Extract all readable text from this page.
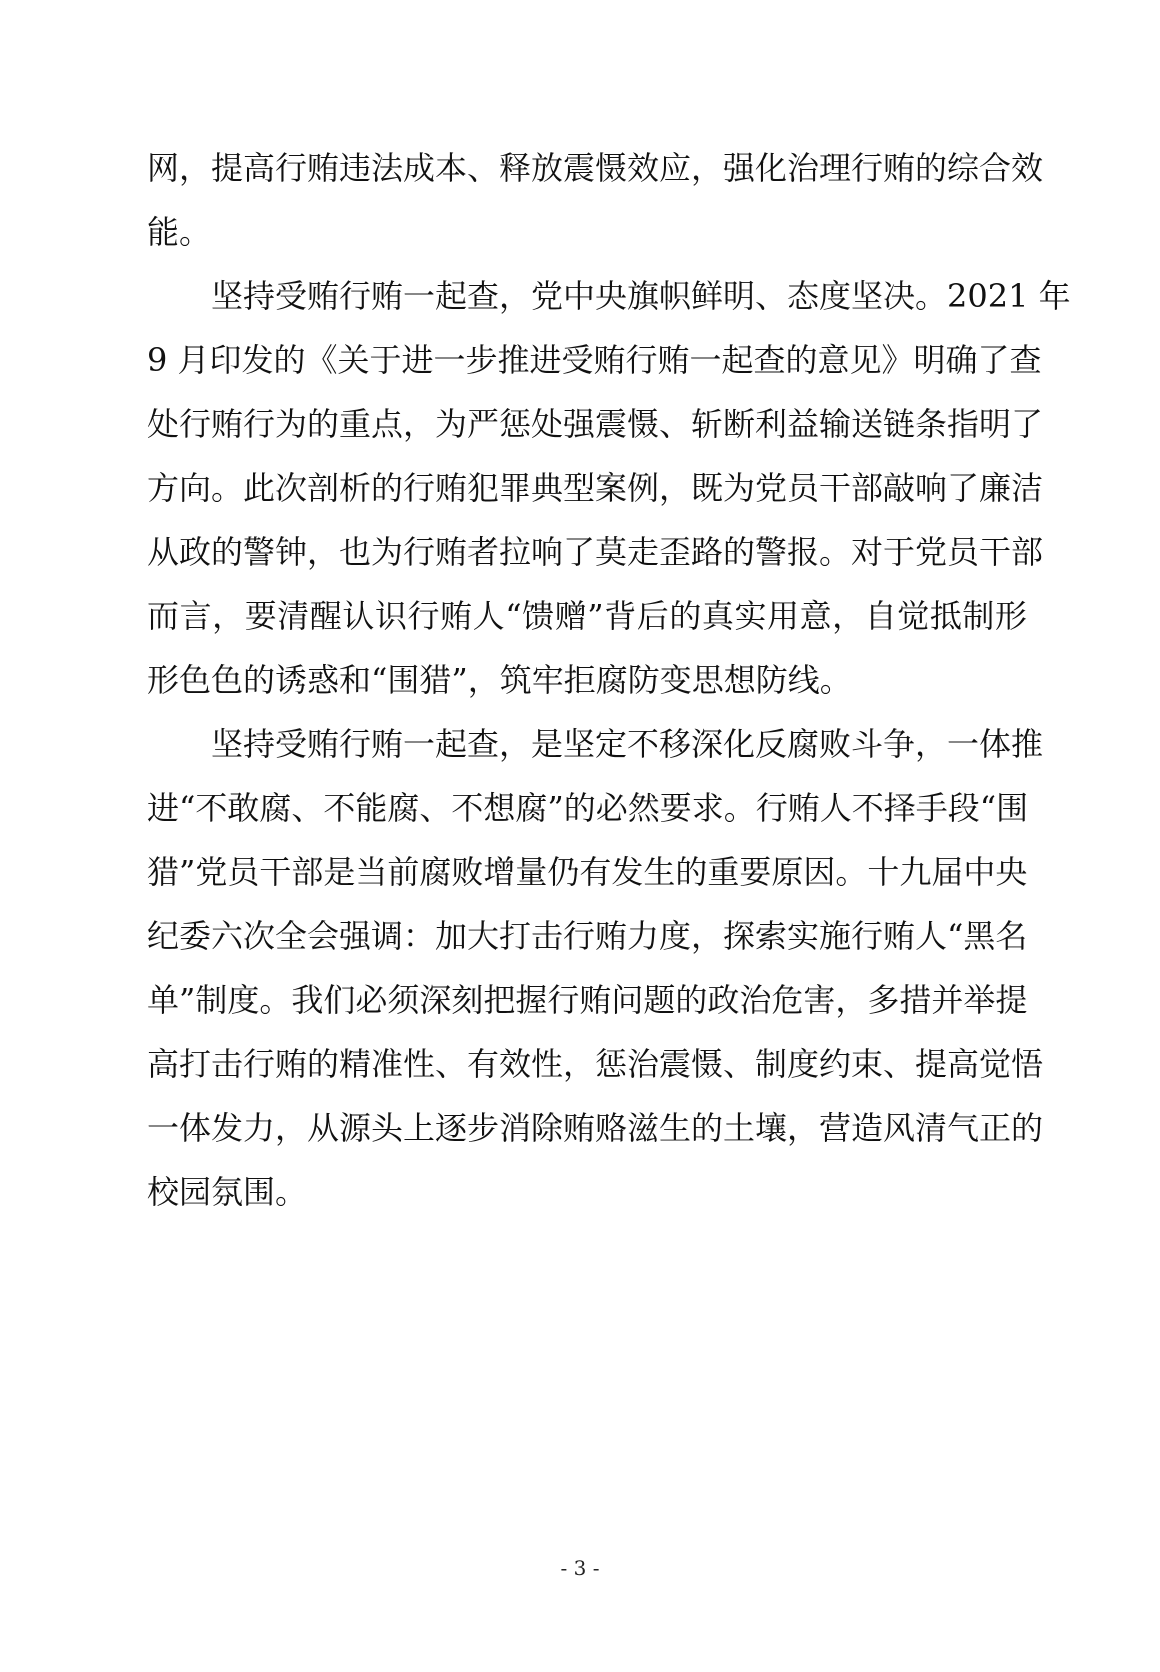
网，提高行贿违法成本、释放震慑效应，强化治理行贿的综合效
能。
坚持受贿行贿一起查，党中央旗帜鲜明、态度坚决。2021 年
9 月印发的《关于进一步推进受贿行贿一起查的意见》明确了查
处行贿行为的重点，为严惩处强震慑、斩断利益输送链条指明了
方向。此次剖析的行贿犯罪典型案例，既为党员干部敲响了廉洁
从政的警钟，也为行贿者拉响了莫走歪路的警报。对于党员干部
而言，要清醒认识行贿人“馈赠”背后的真实用意，自觉抵制形
形色色的诱惑和“围猎”，筑牢拒腐防变思想防线。
坚持受贿行贿一起查，是坚定不移深化反腐败斗争，一体推
进“不敢腐、不能腐、不想腐”的必然要求。行贿人不择手段“围
猎”党员干部是当前腐败增量仍有发生的重要原因。十九届中央
纪委六次全会强调：加大打击行贿力度，探索实施行贿人“黑名
单”制度。我们必须深刻把握行贿问题的政治危害，多措并举提
高打击行贿的精准性、有效性，惩治震慑、制度约束、提高觉悟
一体发力，从源头上逐步消除贿赂滋生的土壤，营造风清气正的
校园氛围。
- 3 -
